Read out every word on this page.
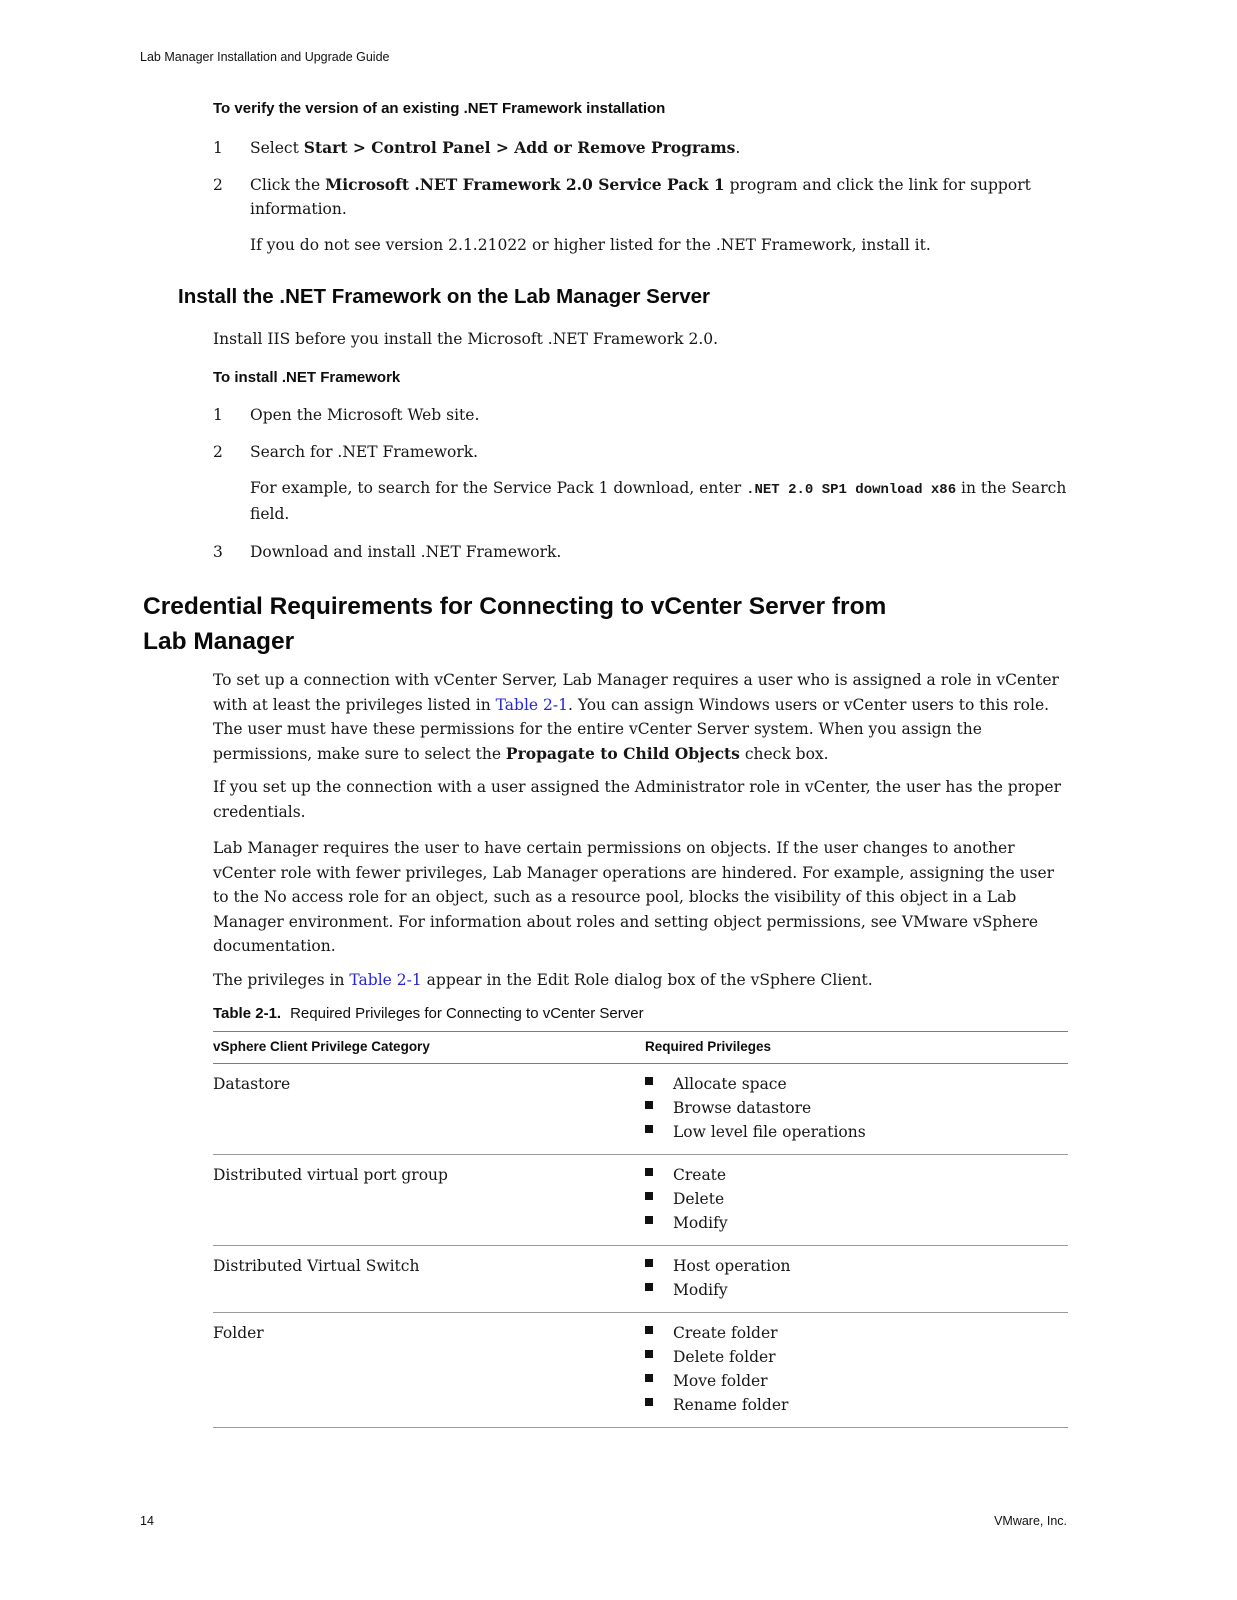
Lab Manager Installation and Upgrade Guide
To verify the version of an existing .NET Framework installation
1	Select Start > Control Panel > Add or Remove Programs.
2	Click the Microsoft .NET Framework 2.0 Service Pack 1 program and click the link for support information.
If you do not see version 2.1.21022 or higher listed for the .NET Framework, install it.
Install the .NET Framework on the Lab Manager Server
Install IIS before you install the Microsoft .NET Framework 2.0.
To install .NET Framework
1	Open the Microsoft Web site.
2	Search for .NET Framework.
For example, to search for the Service Pack 1 download, enter .NET 2.0 SP1 download x86 in the Search field.
3	Download and install .NET Framework.
Credential Requirements for Connecting to vCenter Server from
Lab Manager

To set up a connection with vCenter Server, Lab Manager requires a user who is assigned a role in vCenter with at least the privileges listed in Table 2-1. You can assign Windows users or vCenter users to this role. The user must have these permissions for the entire vCenter Server system. When you assign the permissions, make sure to select the Propagate to Child Objects check box.

If you set up the connection with a user assigned the Administrator role in vCenter, the user has the proper credentials.

Lab Manager requires the user to have certain permissions on objects. If the user changes to another vCenter role with fewer privileges, Lab Manager operations are hindered. For example, assigning the user to the No access role for an object, such as a resource pool, blocks the visibility of this object in a Lab Manager environment. For information about roles and setting object permissions, see VMware vSphere documentation.

The privileges in Table 2-1 appear in the Edit Role dialog box of the vSphere Client.

Table 2-1. Required Privileges for Connecting to vCenter Server
vSphere Client Privilege Category	Required Privileges
Datastore	Allocate space
Browse datastore
Low level file operations
Distributed virtual port group	Create
Delete
Modify
Distributed Virtual Switch	Host operation
Modify
Folder	Create folder
Delete folder
Move folder
Rename folder
14	VMware, Inc.
